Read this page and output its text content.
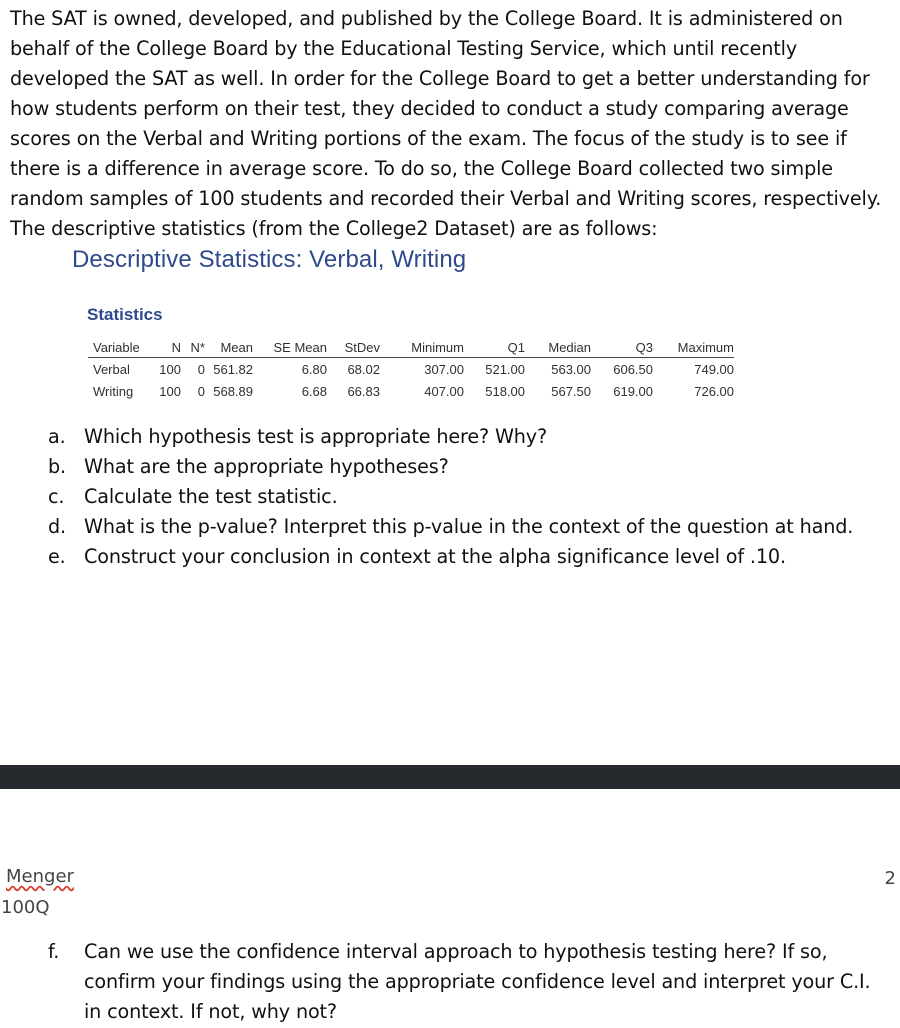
The SAT is owned, developed, and published by the College Board. It is administered on behalf of the College Board by the Educational Testing Service, which until recently developed the SAT as well. In order for the College Board to get a better understanding for how students perform on their test, they decided to conduct a study comparing average scores on the Verbal and Writing portions of the exam. The focus of the study is to see if there is a difference in average score. To do so, the College Board collected two simple random samples of 100 students and recorded their Verbal and Writing scores, respectively. The descriptive statistics (from the College2 Dataset) are as follows:

Descriptive Statistics: Verbal, Writing
Statistics
Variable	N	N*	Mean	SE Mean	StDev	Minimum	Q1	Median	Q3	Maximum
Verbal	100	0	561.82	6.80	68.02	307.00	521.00	563.00	606.50	749.00
Writing	100	0	568.89	6.68	66.83	407.00	518.00	567.50	619.00	726.00
a. Which hypothesis test is appropriate here? Why?
b. What are the appropriate hypotheses?
c. Calculate the test statistic.
d. What is the p-value? Interpret this p-value in the context of the question at hand.
e. Construct your conclusion in context at the alpha significance level of .10.
Menger
100Q
2
f. Can we use the confidence interval approach to hypothesis testing here? If so, confirm your findings using the appropriate confidence level and interpret your C.I. in context. If not, why not?
